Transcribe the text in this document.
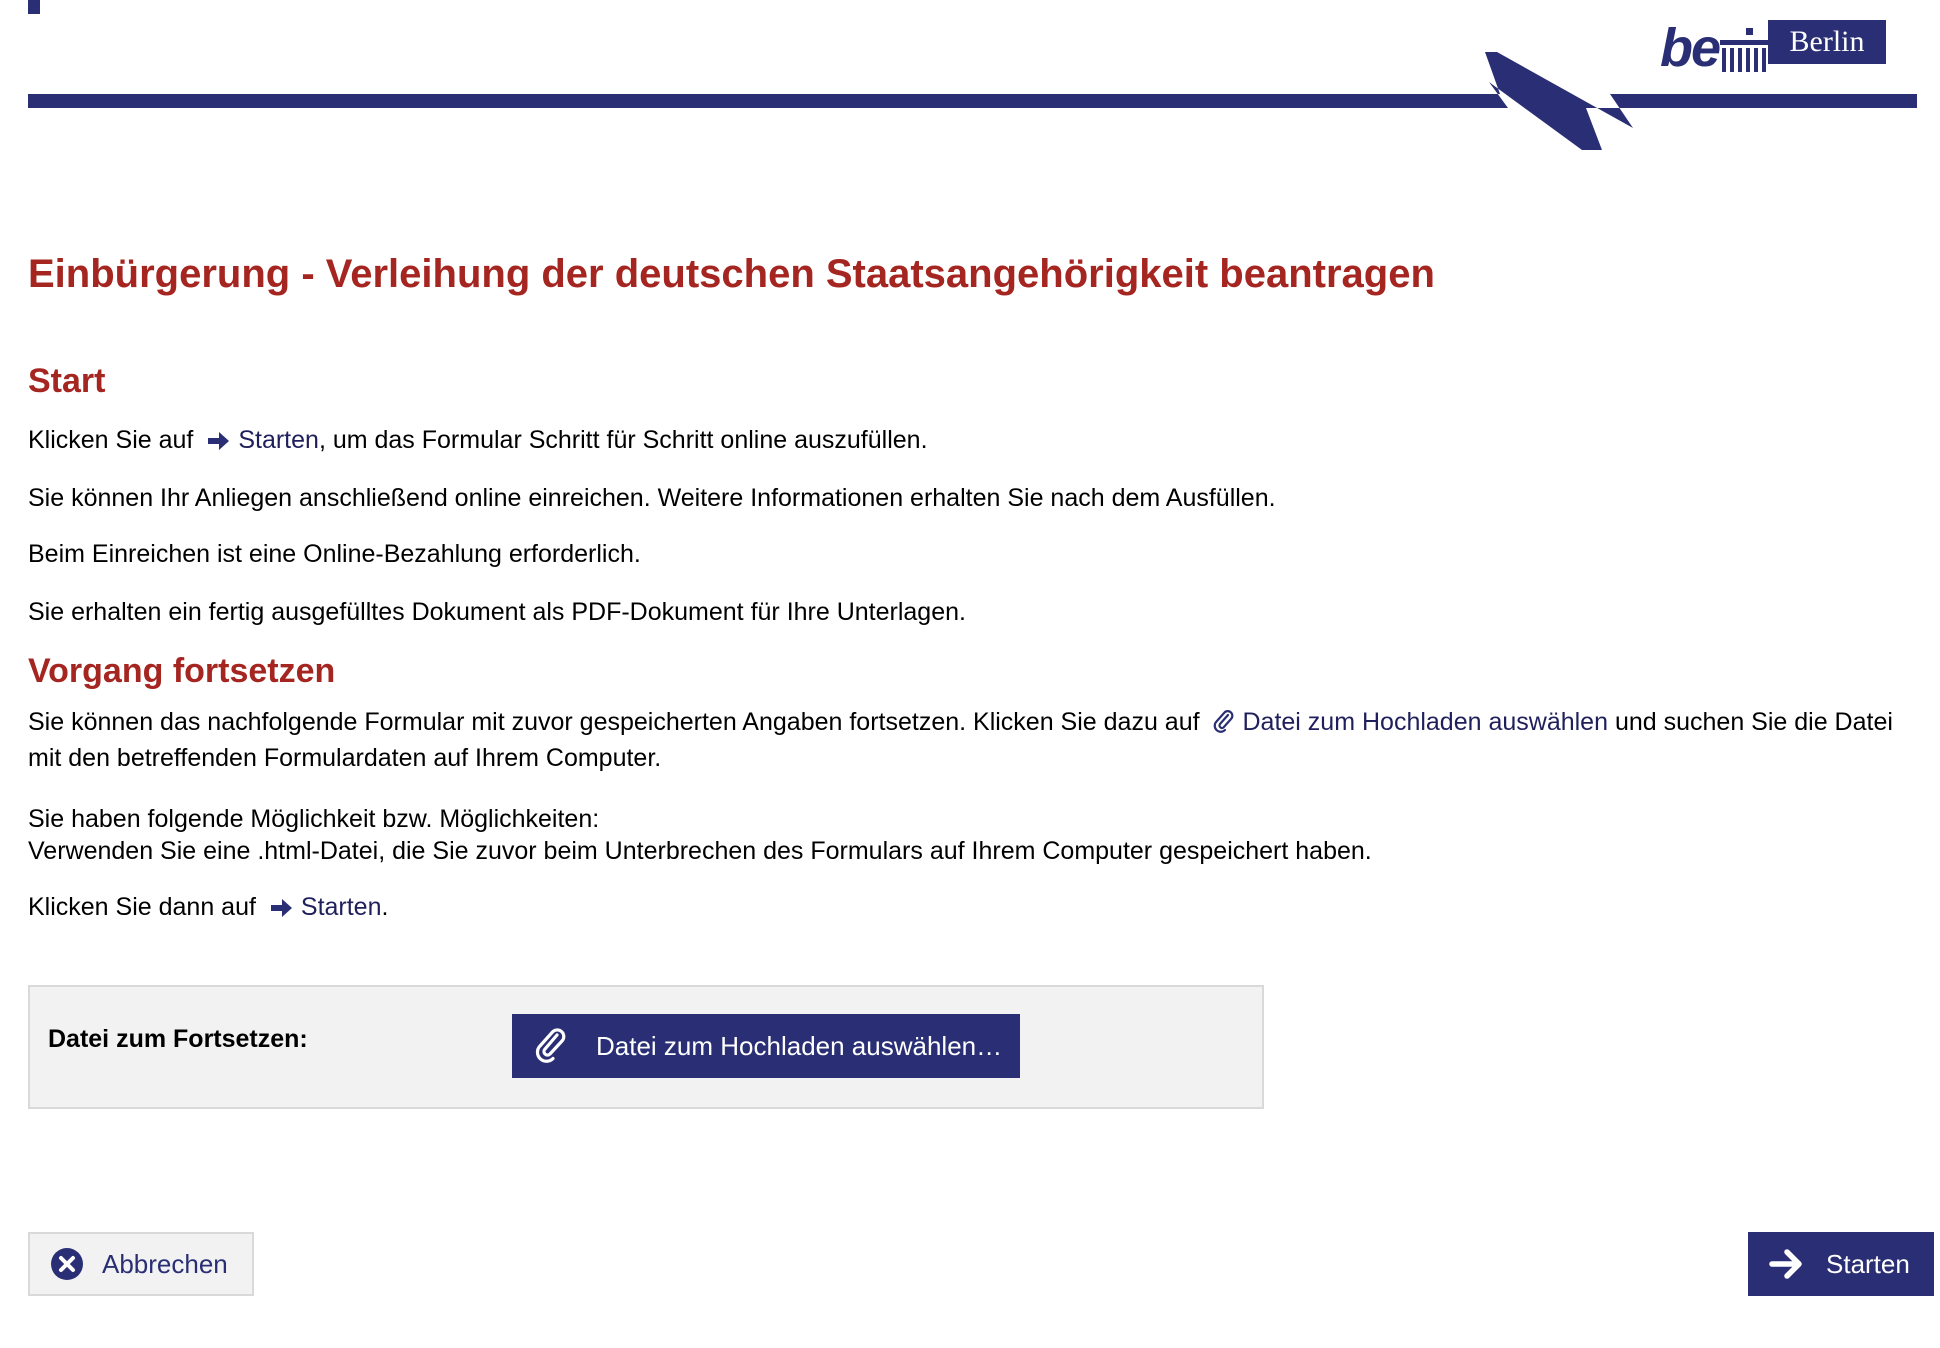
be	Berlin
Einbürgerung - Verleihung der deutschen Staatsangehörigkeit beantragen
Start

Klicken Sie auf Starten, um das Formular Schritt für Schritt online auszufüllen.

Sie können Ihr Anliegen anschließend online einreichen. Weitere Informationen erhalten Sie nach dem Ausfüllen.

Beim Einreichen ist eine Online-Bezahlung erforderlich.

Sie erhalten ein fertig ausgefülltes Dokument als PDF-Dokument für Ihre Unterlagen.

Vorgang fortsetzen

Sie können das nachfolgende Formular mit zuvor gespeicherten Angaben fortsetzen. Klicken Sie dazu auf Datei zum Hochladen auswählen und suchen Sie die Datei mit den betreffenden Formulardaten auf Ihrem Computer.

Sie haben folgende Möglichkeit bzw. Möglichkeiten:

Verwenden Sie eine .html-Datei, die Sie zuvor beim Unterbrechen des Formulars auf Ihrem Computer gespeichert haben.

Klicken Sie dann auf Starten.

Datei zum Fortsetzen:	Datei zum Hochladen auswählen…
Abbrechen	Starten
